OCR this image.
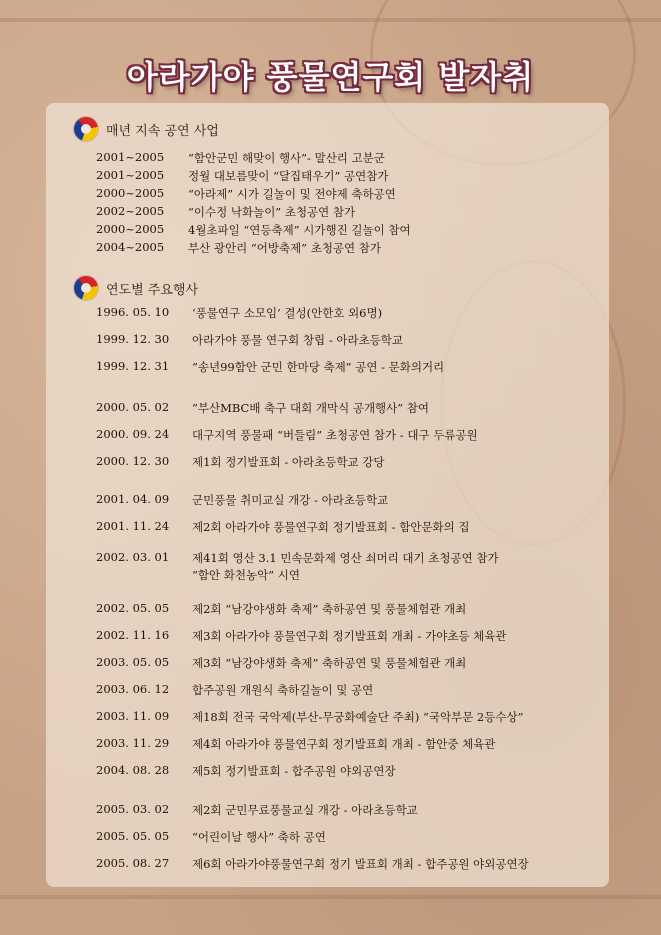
아라가야 풍물연구회 발자취
매년 지속 공연 사업
2001~2005	“함안군민 해맞이 행사”- 말산리 고분군
2001~2005	정월 대보름맞이 “달집태우기” 공연참가
2000~2005	“아라제” 시가 길놀이 및 전야제 축하공연
2002~2005	“이수정 낙화놀이” 초청공연 참가
2000~2005	4월초파일 “연등축제” 시가행진 길놀이 참여
2004~2005	부산 광안리 “어방축제” 초청공연 참가
연도별 주요행사
1996. 05. 10	‘풍물연구 소모임’ 결성(안한호 외6명)
1999. 12. 30	아라가야 풍물 연구회 창립 - 아라초등학교
1999. 12. 31	“송년99함안 군민 한마당 축제” 공연 - 문화의거리
2000. 05. 02	“부산MBC배 축구 대회 개막식 공개행사” 참여
2000. 09. 24	대구지역 풍물패 “버들림” 초청공연 참가 - 대구 두류공원
2000. 12. 30	제1회 정기발표회 - 아라초등학교 강당
2001. 04. 09	군민풍물 취미교실 개강 - 아라초등학교
2001. 11. 24	제2회 아라가야 풍물연구회 정기발표회 - 함안문화의 집
2002. 03. 01	제41회 영산 3.1 민속문화제 영산 쇠머리 대기 초청공연 참가
“함안 화천농악” 시연
2002. 05. 05	제2회 “남강야생화 축제” 축하공연 및 풍물체험관 개최
2002. 11. 16	제3회 아라가야 풍물연구회 정기발표회 개최 - 가야초등 체육관
2003. 05. 05	제3회 “남강야생화 축제” 축하공연 및 풍물체험관 개최
2003. 06. 12	합주공원 개원식 축하길놀이 및 공연
2003. 11. 09	제18회 전국 국악제(부산-무궁화예술단 주최) “국악부문 2등수상”
2003. 11. 29	제4회 아라가야 풍물연구회 정기발표회 개최 - 함안중 체육관
2004. 08. 28	제5회 정기발표회 - 합주공원 야외공연장
2005. 03. 02	제2회 군민무료풍물교실 개강 - 아라초등학교
2005. 05. 05	“어린이날 행사” 축하 공연
2005. 08. 27	제6회 아라가야풍물연구회 정기 발표회 개최 - 합주공원 야외공연장
